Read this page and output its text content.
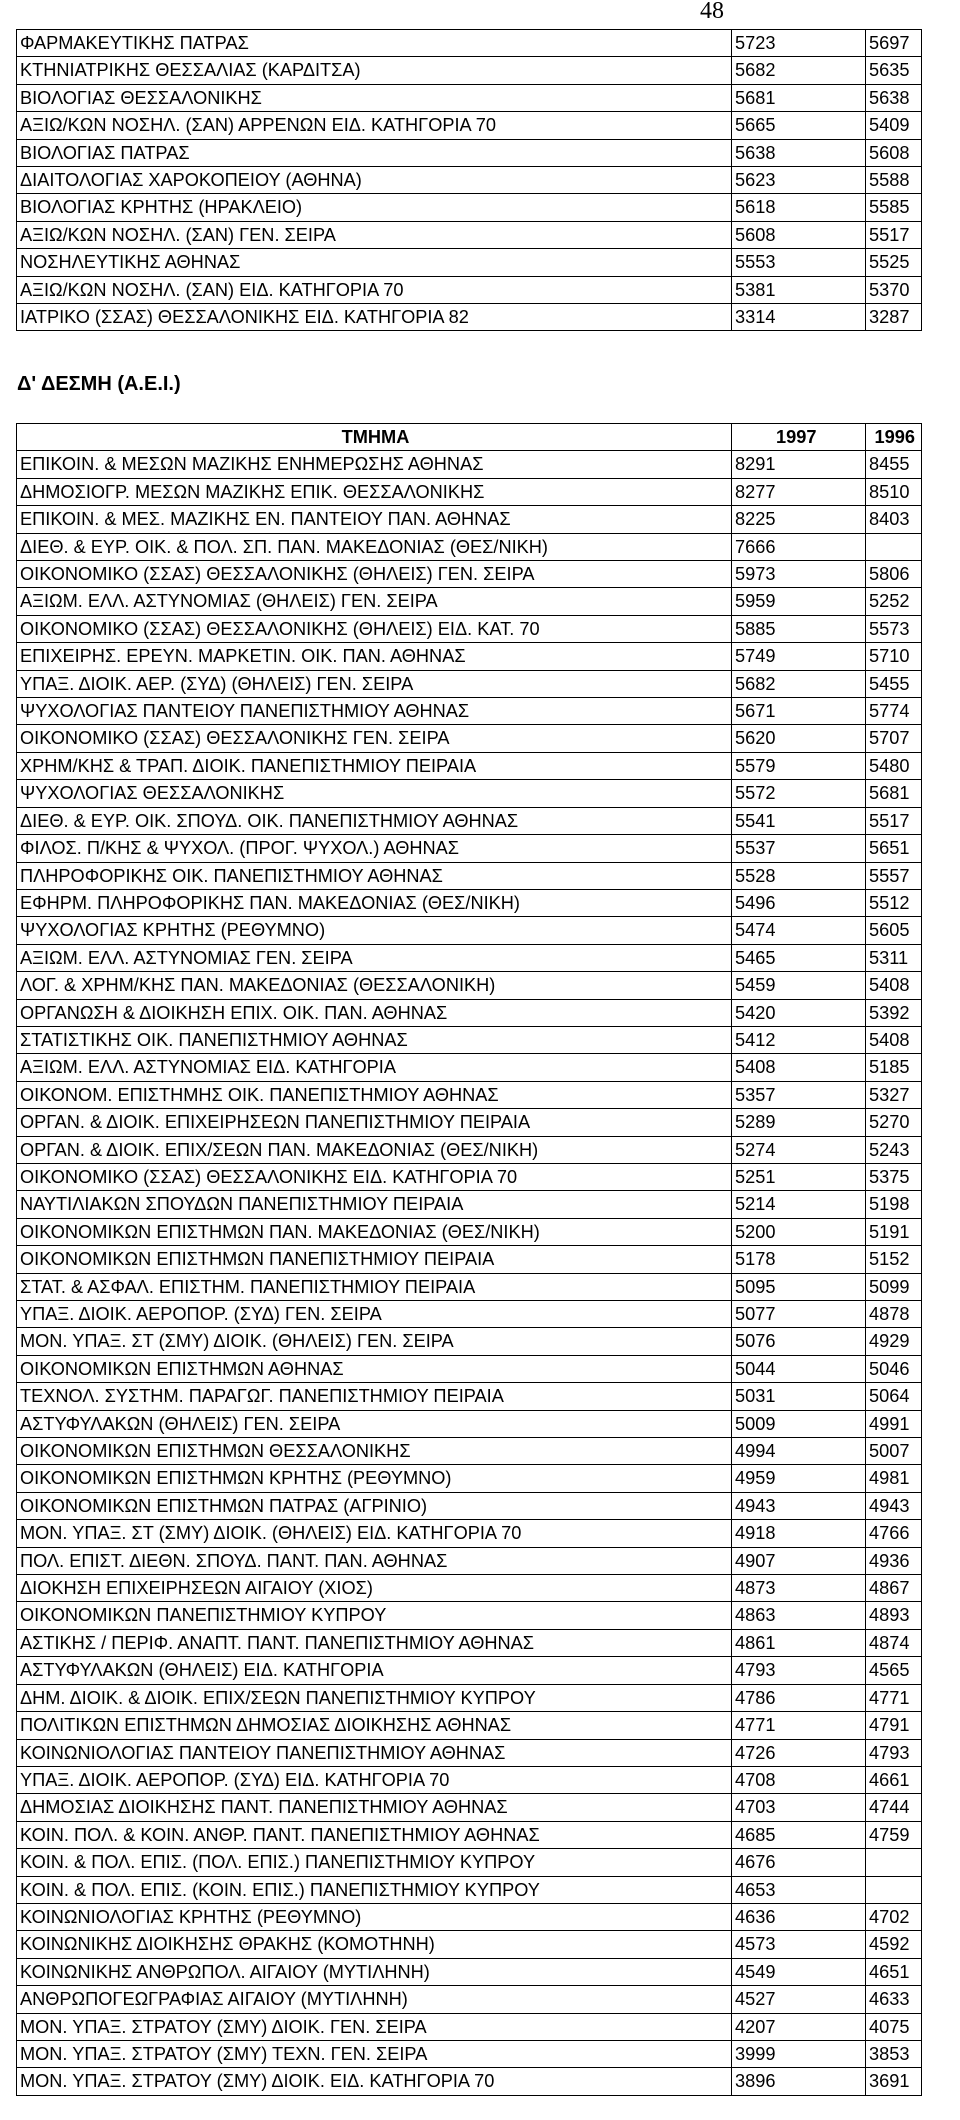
48
ΦΑΡΜΑΚΕΥΤΙΚΗΣ ΠΑΤΡΑΣ	5723	5697
ΚΤΗΝΙΑΤΡΙΚΗΣ ΘΕΣΣΑΛΙΑΣ (ΚΑΡΔΙΤΣΑ)	5682	5635
ΒΙΟΛΟΓΙΑΣ ΘΕΣΣΑΛΟΝΙΚΗΣ	5681	5638
ΑΞΙΩ/ΚΩΝ ΝΟΣΗΛ. (ΣΑΝ) ΑΡΡΕΝΩΝ ΕΙΔ. ΚΑΤΗΓΟΡΙΑ 70	5665	5409
ΒΙΟΛΟΓΙΑΣ ΠΑΤΡΑΣ	5638	5608
ΔΙΑΙΤΟΛΟΓΙΑΣ ΧΑΡΟΚΟΠΕΙΟΥ (ΑΘΗΝΑ)	5623	5588
ΒΙΟΛΟΓΙΑΣ ΚΡΗΤΗΣ (ΗΡΑΚΛΕΙΟ)	5618	5585
ΑΞΙΩ/ΚΩΝ ΝΟΣΗΛ. (ΣΑΝ) ΓΕΝ. ΣΕΙΡΑ	5608	5517
ΝΟΣΗΛΕΥΤΙΚΗΣ ΑΘΗΝΑΣ	5553	5525
ΑΞΙΩ/ΚΩΝ ΝΟΣΗΛ. (ΣΑΝ) ΕΙΔ. ΚΑΤΗΓΟΡΙΑ 70	5381	5370
ΙΑΤΡΙΚΟ (ΣΣΑΣ) ΘΕΣΣΑΛΟΝΙΚΗΣ ΕΙΔ. ΚΑΤΗΓΟΡΙΑ 82	3314	3287
Δ' ΔΕΣΜΗ (Α.Ε.Ι.)
ΤΜΗΜΑ	1997	1996
ΕΠΙΚΟΙΝ. & ΜΕΣΩΝ ΜΑΖΙΚΗΣ ΕΝΗΜΕΡΩΣΗΣ ΑΘΗΝΑΣ	8291	8455
ΔΗΜΟΣΙΟΓΡ. ΜΕΣΩΝ ΜΑΖΙΚΗΣ ΕΠΙΚ. ΘΕΣΣΑΛΟΝΙΚΗΣ	8277	8510
ΕΠΙΚΟΙΝ. & ΜΕΣ. ΜΑΖΙΚΗΣ ΕΝ. ΠΑΝΤΕΙΟΥ ΠΑΝ. ΑΘΗΝΑΣ	8225	8403
ΔΙΕΘ. & ΕΥΡ. ΟΙΚ. & ΠΟΛ. ΣΠ. ΠΑΝ. ΜΑΚΕΔΟΝΙΑΣ (ΘΕΣ/ΝΙΚΗ)	7666	
ΟΙΚΟΝΟΜΙΚΟ (ΣΣΑΣ) ΘΕΣΣΑΛΟΝΙΚΗΣ (ΘΗΛΕΙΣ) ΓΕΝ. ΣΕΙΡΑ	5973	5806
ΑΞΙΩΜ. ΕΛΛ. ΑΣΤΥΝΟΜΙΑΣ (ΘΗΛΕΙΣ) ΓΕΝ. ΣΕΙΡΑ	5959	5252
ΟΙΚΟΝΟΜΙΚΟ (ΣΣΑΣ) ΘΕΣΣΑΛΟΝΙΚΗΣ (ΘΗΛΕΙΣ) ΕΙΔ. ΚΑΤ. 70	5885	5573
ΕΠΙΧΕΙΡΗΣ. ΕΡΕΥΝ. ΜΑΡΚΕΤΙΝ. ΟΙΚ. ΠΑΝ. ΑΘΗΝΑΣ	5749	5710
ΥΠΑΞ. ΔΙΟΙΚ. ΑΕΡ. (ΣΥΔ) (ΘΗΛΕΙΣ) ΓΕΝ. ΣΕΙΡΑ	5682	5455
ΨΥΧΟΛΟΓΙΑΣ ΠΑΝΤΕΙΟΥ ΠΑΝΕΠΙΣΤΗΜΙΟΥ ΑΘΗΝΑΣ	5671	5774
ΟΙΚΟΝΟΜΙΚΟ (ΣΣΑΣ) ΘΕΣΣΑΛΟΝΙΚΗΣ ΓΕΝ. ΣΕΙΡΑ	5620	5707
ΧΡΗΜ/ΚΗΣ & ΤΡΑΠ. ΔΙΟΙΚ. ΠΑΝΕΠΙΣΤΗΜΙΟΥ ΠΕΙΡΑΙΑ	5579	5480
ΨΥΧΟΛΟΓΙΑΣ ΘΕΣΣΑΛΟΝΙΚΗΣ	5572	5681
ΔΙΕΘ. & ΕΥΡ. ΟΙΚ. ΣΠΟΥΔ. ΟΙΚ. ΠΑΝΕΠΙΣΤΗΜΙΟΥ ΑΘΗΝΑΣ	5541	5517
ΦΙΛΟΣ. Π/ΚΗΣ & ΨΥΧΟΛ. (ΠΡΟΓ. ΨΥΧΟΛ.) ΑΘΗΝΑΣ	5537	5651
ΠΛΗΡΟΦΟΡΙΚΗΣ ΟΙΚ. ΠΑΝΕΠΙΣΤΗΜΙΟΥ ΑΘΗΝΑΣ	5528	5557
ΕΦΗΡΜ. ΠΛΗΡΟΦΟΡΙΚΗΣ ΠΑΝ. ΜΑΚΕΔΟΝΙΑΣ (ΘΕΣ/ΝΙΚΗ)	5496	5512
ΨΥΧΟΛΟΓΙΑΣ ΚΡΗΤΗΣ (ΡΕΘΥΜΝΟ)	5474	5605
ΑΞΙΩΜ. ΕΛΛ. ΑΣΤΥΝΟΜΙΑΣ ΓΕΝ. ΣΕΙΡΑ	5465	5311
ΛΟΓ. & ΧΡΗΜ/ΚΗΣ ΠΑΝ. ΜΑΚΕΔΟΝΙΑΣ (ΘΕΣΣΑΛΟΝΙΚΗ)	5459	5408
ΟΡΓΑΝΩΣΗ & ΔΙΟΙΚΗΣΗ ΕΠΙΧ. ΟΙΚ. ΠΑΝ. ΑΘΗΝΑΣ	5420	5392
ΣΤΑΤΙΣΤΙΚΗΣ ΟΙΚ. ΠΑΝΕΠΙΣΤΗΜΙΟΥ ΑΘΗΝΑΣ	5412	5408
ΑΞΙΩΜ. ΕΛΛ. ΑΣΤΥΝΟΜΙΑΣ ΕΙΔ. ΚΑΤΗΓΟΡΙΑ	5408	5185
ΟΙΚΟΝΟΜ. ΕΠΙΣΤΗΜΗΣ ΟΙΚ. ΠΑΝΕΠΙΣΤΗΜΙΟΥ ΑΘΗΝΑΣ	5357	5327
ΟΡΓΑΝ. & ΔΙΟΙΚ. ΕΠΙΧΕΙΡΗΣΕΩΝ ΠΑΝΕΠΙΣΤΗΜΙΟΥ ΠΕΙΡΑΙΑ	5289	5270
ΟΡΓΑΝ. & ΔΙΟΙΚ. ΕΠΙΧ/ΣΕΩΝ ΠΑΝ. ΜΑΚΕΔΟΝΙΑΣ (ΘΕΣ/ΝΙΚΗ)	5274	5243
ΟΙΚΟΝΟΜΙΚΟ (ΣΣΑΣ) ΘΕΣΣΑΛΟΝΙΚΗΣ ΕΙΔ. ΚΑΤΗΓΟΡΙΑ 70	5251	5375
ΝΑΥΤΙΛΙΑΚΩΝ ΣΠΟΥΔΩΝ ΠΑΝΕΠΙΣΤΗΜΙΟΥ ΠΕΙΡΑΙΑ	5214	5198
ΟΙΚΟΝΟΜΙΚΩΝ ΕΠΙΣΤΗΜΩΝ ΠΑΝ. ΜΑΚΕΔΟΝΙΑΣ (ΘΕΣ/ΝΙΚΗ)	5200	5191
ΟΙΚΟΝΟΜΙΚΩΝ ΕΠΙΣΤΗΜΩΝ ΠΑΝΕΠΙΣΤΗΜΙΟΥ ΠΕΙΡΑΙΑ	5178	5152
ΣΤΑΤ. & ΑΣΦΑΛ. ΕΠΙΣΤΗΜ. ΠΑΝΕΠΙΣΤΗΜΙΟΥ ΠΕΙΡΑΙΑ	5095	5099
ΥΠΑΞ. ΔΙΟΙΚ. ΑΕΡΟΠΟΡ. (ΣΥΔ) ΓΕΝ. ΣΕΙΡΑ	5077	4878
ΜΟΝ. ΥΠΑΞ. ΣΤ (ΣΜΥ) ΔΙΟΙΚ. (ΘΗΛΕΙΣ) ΓΕΝ. ΣΕΙΡΑ	5076	4929
ΟΙΚΟΝΟΜΙΚΩΝ ΕΠΙΣΤΗΜΩΝ ΑΘΗΝΑΣ	5044	5046
ΤΕΧΝΟΛ. ΣΥΣΤΗΜ. ΠΑΡΑΓΩΓ. ΠΑΝΕΠΙΣΤΗΜΙΟΥ ΠΕΙΡΑΙΑ	5031	5064
ΑΣΤΥΦΥΛΑΚΩΝ (ΘΗΛΕΙΣ) ΓΕΝ. ΣΕΙΡΑ	5009	4991
ΟΙΚΟΝΟΜΙΚΩΝ ΕΠΙΣΤΗΜΩΝ ΘΕΣΣΑΛΟΝΙΚΗΣ	4994	5007
ΟΙΚΟΝΟΜΙΚΩΝ ΕΠΙΣΤΗΜΩΝ ΚΡΗΤΗΣ (ΡΕΘΥΜΝΟ)	4959	4981
ΟΙΚΟΝΟΜΙΚΩΝ ΕΠΙΣΤΗΜΩΝ ΠΑΤΡΑΣ (ΑΓΡΙΝΙΟ)	4943	4943
ΜΟΝ. ΥΠΑΞ. ΣΤ (ΣΜΥ) ΔΙΟΙΚ. (ΘΗΛΕΙΣ) ΕΙΔ. ΚΑΤΗΓΟΡΙΑ 70	4918	4766
ΠΟΛ. ΕΠΙΣΤ. ΔΙΕΘΝ. ΣΠΟΥΔ. ΠΑΝΤ. ΠΑΝ. ΑΘΗΝΑΣ	4907	4936
ΔΙΟΚΗΣΗ ΕΠΙΧΕΙΡΗΣΕΩΝ ΑΙΓΑΙΟΥ (ΧΙΟΣ)	4873	4867
ΟΙΚΟΝΟΜΙΚΩΝ ΠΑΝΕΠΙΣΤΗΜΙΟΥ ΚΥΠΡΟΥ	4863	4893
ΑΣΤΙΚΗΣ / ΠΕΡΙΦ. ΑΝΑΠΤ. ΠΑΝΤ. ΠΑΝΕΠΙΣΤΗΜΙΟΥ ΑΘΗΝΑΣ	4861	4874
ΑΣΤΥΦΥΛΑΚΩΝ (ΘΗΛΕΙΣ) ΕΙΔ. ΚΑΤΗΓΟΡΙΑ	4793	4565
ΔΗΜ. ΔΙΟΙΚ. & ΔΙΟΙΚ. ΕΠΙΧ/ΣΕΩΝ ΠΑΝΕΠΙΣΤΗΜΙΟΥ ΚΥΠΡΟΥ	4786	4771
ΠΟΛΙΤΙΚΩΝ ΕΠΙΣΤΗΜΩΝ ΔΗΜΟΣΙΑΣ ΔΙΟΙΚΗΣΗΣ ΑΘΗΝΑΣ	4771	4791
ΚΟΙΝΩΝΙΟΛΟΓΙΑΣ ΠΑΝΤΕΙΟΥ ΠΑΝΕΠΙΣΤΗΜΙΟΥ ΑΘΗΝΑΣ	4726	4793
ΥΠΑΞ. ΔΙΟΙΚ. ΑΕΡΟΠΟΡ. (ΣΥΔ) ΕΙΔ. ΚΑΤΗΓΟΡΙΑ 70	4708	4661
ΔΗΜΟΣΙΑΣ ΔΙΟΙΚΗΣΗΣ ΠΑΝΤ. ΠΑΝΕΠΙΣΤΗΜΙΟΥ ΑΘΗΝΑΣ	4703	4744
ΚΟΙΝ. ΠΟΛ. & ΚΟΙΝ. ΑΝΘΡ. ΠΑΝΤ. ΠΑΝΕΠΙΣΤΗΜΙΟΥ ΑΘΗΝΑΣ	4685	4759
ΚΟΙΝ. & ΠΟΛ. ΕΠΙΣ. (ΠΟΛ. ΕΠΙΣ.) ΠΑΝΕΠΙΣΤΗΜΙΟΥ ΚΥΠΡΟΥ	4676	
ΚΟΙΝ. & ΠΟΛ. ΕΠΙΣ. (ΚΟΙΝ. ΕΠΙΣ.) ΠΑΝΕΠΙΣΤΗΜΙΟΥ ΚΥΠΡΟΥ	4653	
ΚΟΙΝΩΝΙΟΛΟΓΙΑΣ ΚΡΗΤΗΣ (ΡΕΘΥΜΝΟ)	4636	4702
ΚΟΙΝΩΝΙΚΗΣ ΔΙΟΙΚΗΣΗΣ ΘΡΑΚΗΣ (ΚΟΜΟΤΗΝΗ)	4573	4592
ΚΟΙΝΩΝΙΚΗΣ ΑΝΘΡΩΠΟΛ. ΑΙΓΑΙΟΥ (ΜΥΤΙΛΗΝΗ)	4549	4651
ΑΝΘΡΩΠΟΓΕΩΓΡΑΦΙΑΣ ΑΙΓΑΙΟΥ (ΜΥΤΙΛΗΝΗ)	4527	4633
ΜΟΝ. ΥΠΑΞ. ΣΤΡΑΤΟΥ (ΣΜΥ) ΔΙΟΙΚ. ΓΕΝ. ΣΕΙΡΑ	4207	4075
ΜΟΝ. ΥΠΑΞ. ΣΤΡΑΤΟΥ (ΣΜΥ) ΤΕΧΝ. ΓΕΝ. ΣΕΙΡΑ	3999	3853
ΜΟΝ. ΥΠΑΞ. ΣΤΡΑΤΟΥ (ΣΜΥ) ΔΙΟΙΚ. ΕΙΔ. ΚΑΤΗΓΟΡΙΑ 70	3896	3691
